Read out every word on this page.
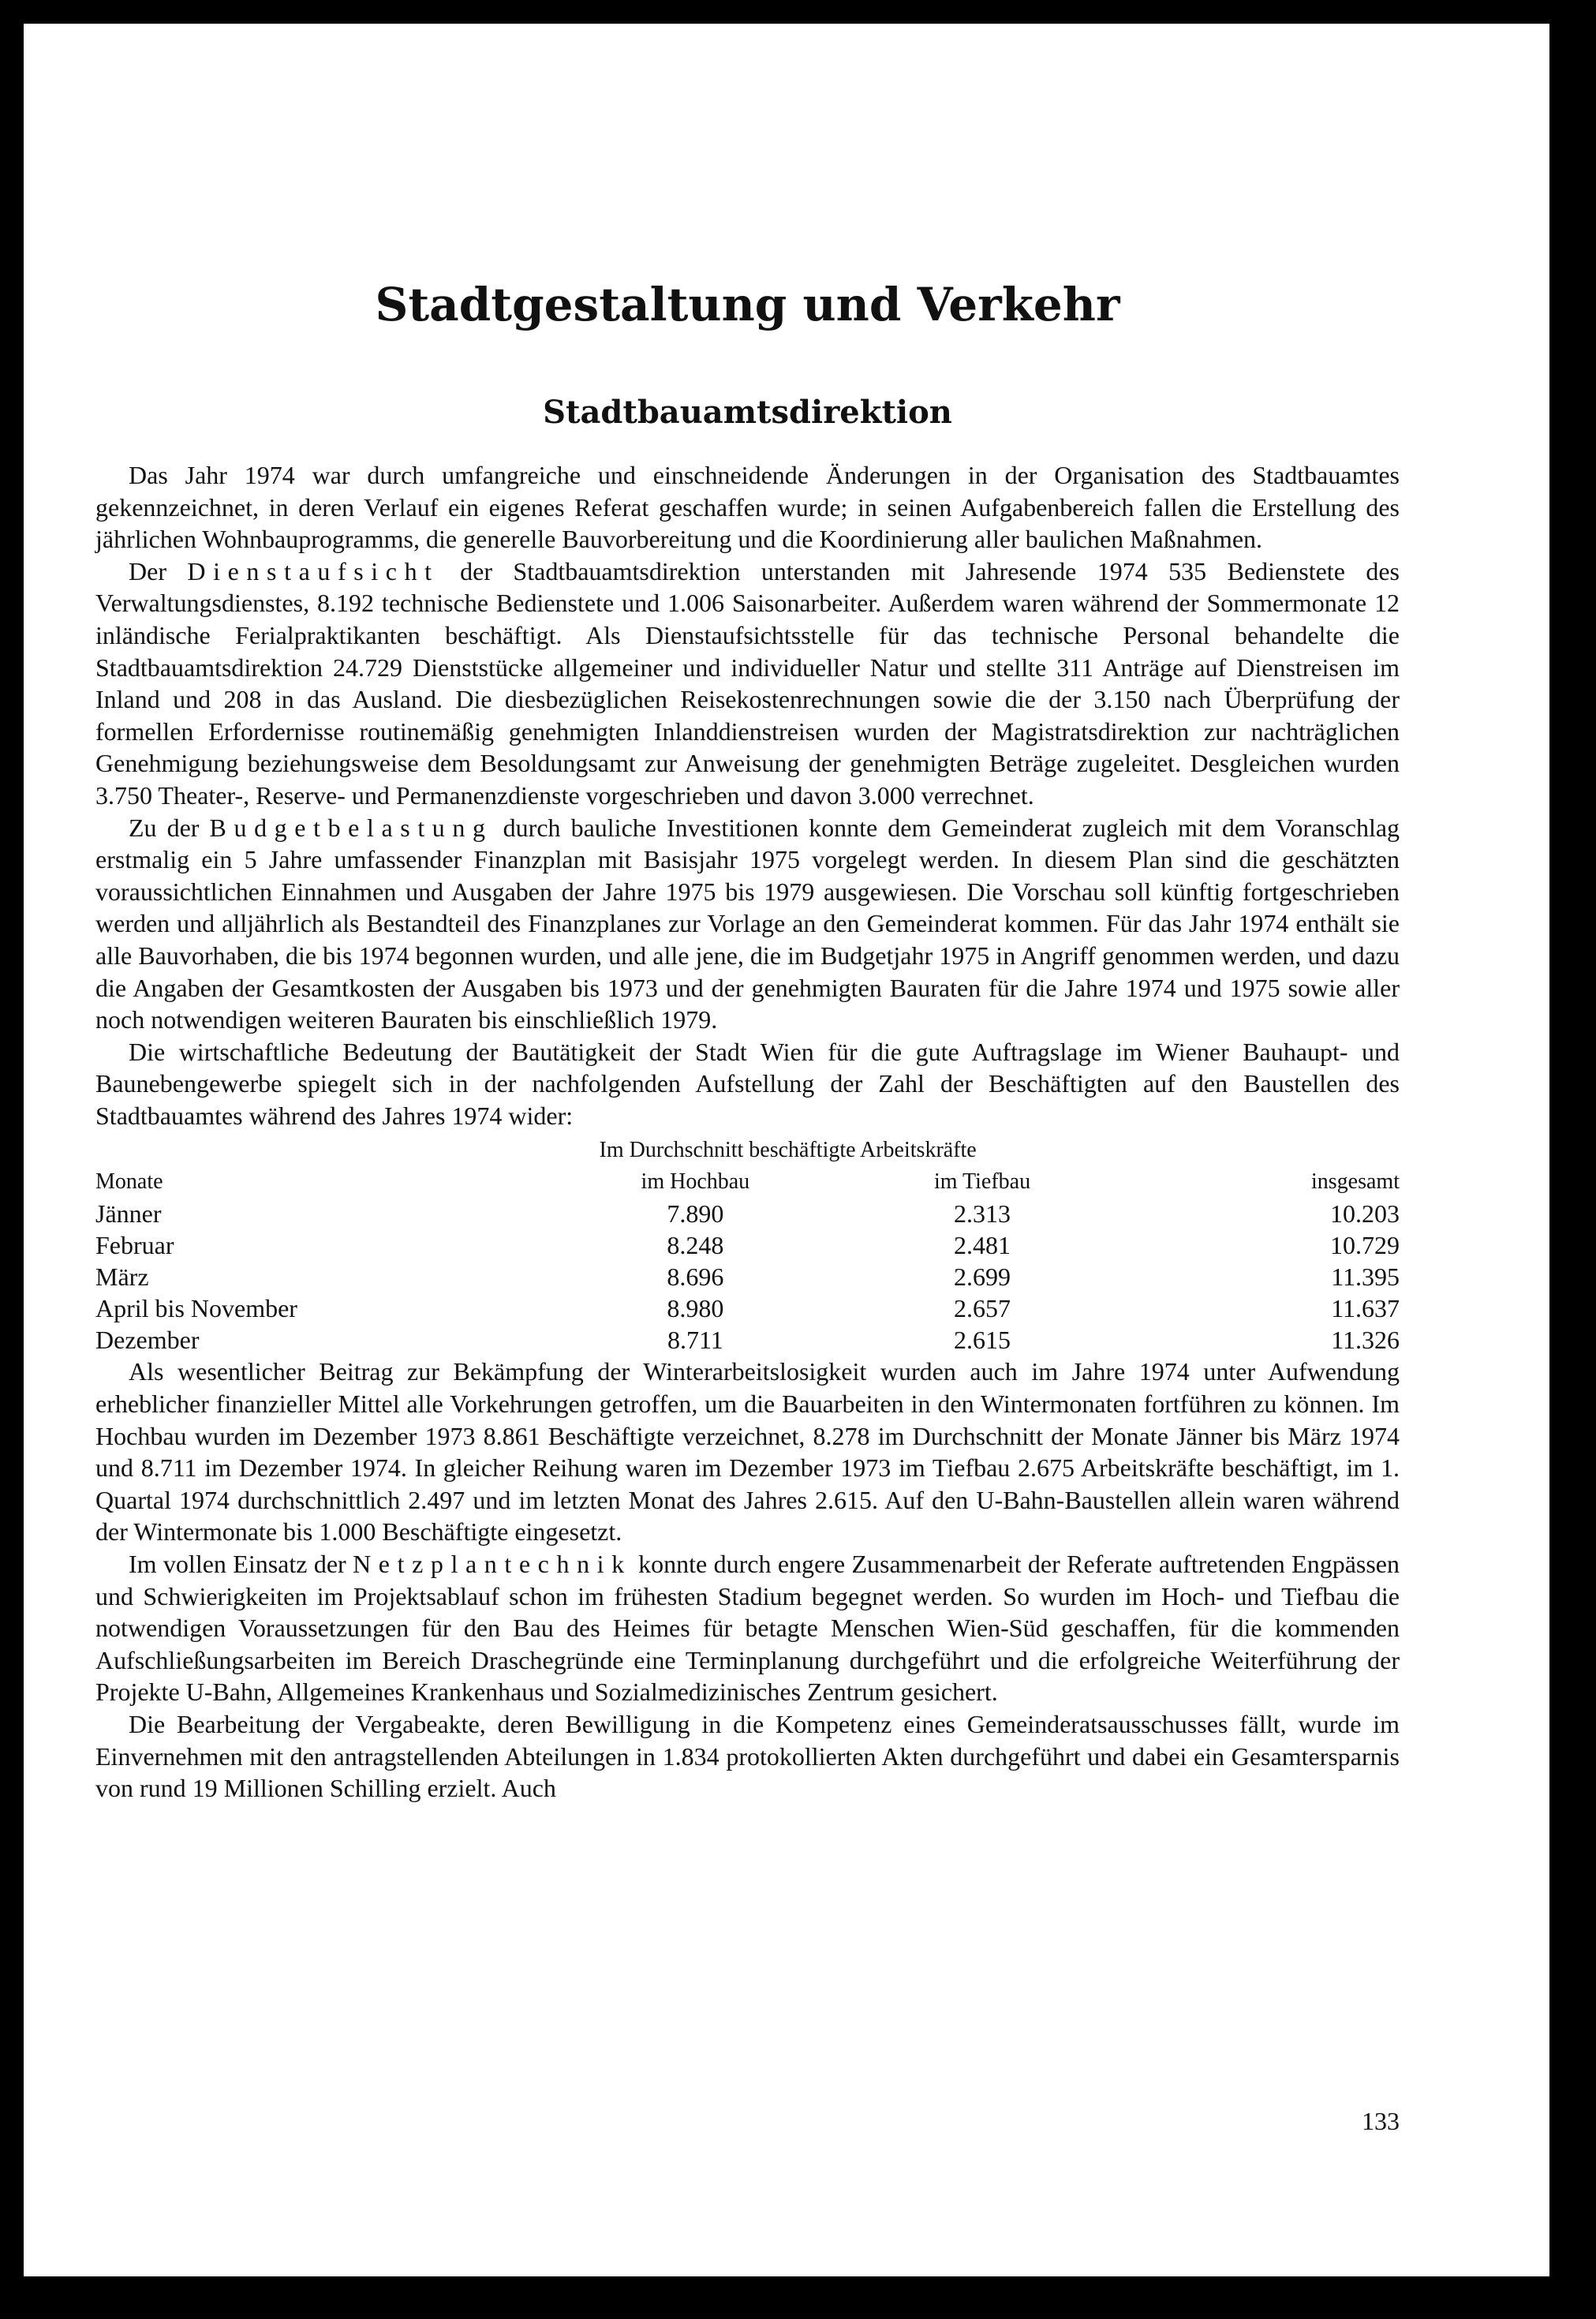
Stadtgestaltung und Verkehr
Stadtbauamtsdirektion

Das Jahr 1974 war durch umfangreiche und einschneidende Änderungen in der Organisation des Stadtbauamtes gekennzeichnet, in deren Verlauf ein eigenes Referat geschaffen wurde; in seinen Aufgabenbereich fallen die Erstellung des jährlichen Wohnbauprogramms, die generelle Bauvorbereitung und die Koordinierung aller baulichen Maßnahmen.

Der Dienstaufsicht der Stadtbauamtsdirektion unterstanden mit Jahresende 1974 535 Bedienstete des Verwaltungsdienstes, 8.192 technische Bedienstete und 1.006 Saisonarbeiter. Außerdem waren während der Sommermonate 12 inländische Ferialpraktikanten beschäftigt. Als Dienstaufsichtsstelle für das technische Personal behandelte die Stadtbauamtsdirektion 24.729 Dienststücke allgemeiner und individueller Natur und stellte 311 Anträge auf Dienstreisen im Inland und 208 in das Ausland. Die diesbezüglichen Reisekostenrechnungen sowie die der 3.150 nach Überprüfung der formellen Erfordernisse routinemäßig genehmigten Inlanddienstreisen wurden der Magistratsdirektion zur nachträglichen Genehmigung beziehungsweise dem Besoldungsamt zur Anweisung der genehmigten Beträge zugeleitet. Desgleichen wurden 3.750 Theater-, Reserve- und Permanenzdienste vorgeschrieben und davon 3.000 verrechnet.

Zu der Budgetbelastung durch bauliche Investitionen konnte dem Gemeinderat zugleich mit dem Voranschlag erstmalig ein 5 Jahre umfassender Finanzplan mit Basisjahr 1975 vorgelegt werden. In diesem Plan sind die geschätzten voraussichtlichen Einnahmen und Ausgaben der Jahre 1975 bis 1979 ausgewiesen. Die Vorschau soll künftig fortgeschrieben werden und alljährlich als Bestandteil des Finanzplanes zur Vorlage an den Gemeinderat kommen. Für das Jahr 1974 enthält sie alle Bauvorhaben, die bis 1974 begonnen wurden, und alle jene, die im Budgetjahr 1975 in Angriff genommen werden, und dazu die Angaben der Gesamtkosten der Ausgaben bis 1973 und der genehmigten Bauraten für die Jahre 1974 und 1975 sowie aller noch notwendigen weiteren Bauraten bis einschließlich 1979.

Die wirtschaftliche Bedeutung der Bautätigkeit der Stadt Wien für die gute Auftragslage im Wiener Bauhaupt- und Baunebengewerbe spiegelt sich in der nachfolgenden Aufstellung der Zahl der Beschäftigten auf den Baustellen des Stadtbauamtes während des Jahres 1974 wider:

	Im Durchschnitt beschäftigte Arbeitskräfte		
Monate	im Hochbau	im Tiefbau	insgesamt
Jänner	7.890	2.313	10.203
Februar	8.248	2.481	10.729
März	8.696	2.699	11.395
April bis November	8.980	2.657	11.637
Dezember	8.711	2.615	11.326

Als wesentlicher Beitrag zur Bekämpfung der Winterarbeitslosigkeit wurden auch im Jahre 1974 unter Aufwendung erheblicher finanzieller Mittel alle Vorkehrungen getroffen, um die Bauarbeiten in den Wintermonaten fortführen zu können. Im Hochbau wurden im Dezember 1973 8.861 Beschäftigte verzeichnet, 8.278 im Durchschnitt der Monate Jänner bis März 1974 und 8.711 im Dezember 1974. In gleicher Reihung waren im Dezember 1973 im Tiefbau 2.675 Arbeitskräfte beschäftigt, im 1. Quartal 1974 durchschnittlich 2.497 und im letzten Monat des Jahres 2.615. Auf den U-Bahn-Baustellen allein waren während der Wintermonate bis 1.000 Beschäftigte eingesetzt.

Im vollen Einsatz der Netzplantechnik konnte durch engere Zusammenarbeit der Referate auftretenden Engpässen und Schwierigkeiten im Projektsablauf schon im frühesten Stadium begegnet werden. So wurden im Hoch- und Tiefbau die notwendigen Voraussetzungen für den Bau des Heimes für betagte Menschen Wien-Süd geschaffen, für die kommenden Aufschließungsarbeiten im Bereich Draschegründe eine Terminplanung durchgeführt und die erfolgreiche Weiterführung der Projekte U-Bahn, Allgemeines Krankenhaus und Sozialmedizinisches Zentrum gesichert.

Die Bearbeitung der Vergabeakte, deren Bewilligung in die Kompetenz eines Gemeinderatsausschusses fällt, wurde im Einvernehmen mit den antragstellenden Abteilungen in 1.834 protokollierten Akten durchgeführt und dabei ein Gesamtersparnis von rund 19 Millionen Schilling erzielt. Auch

133
